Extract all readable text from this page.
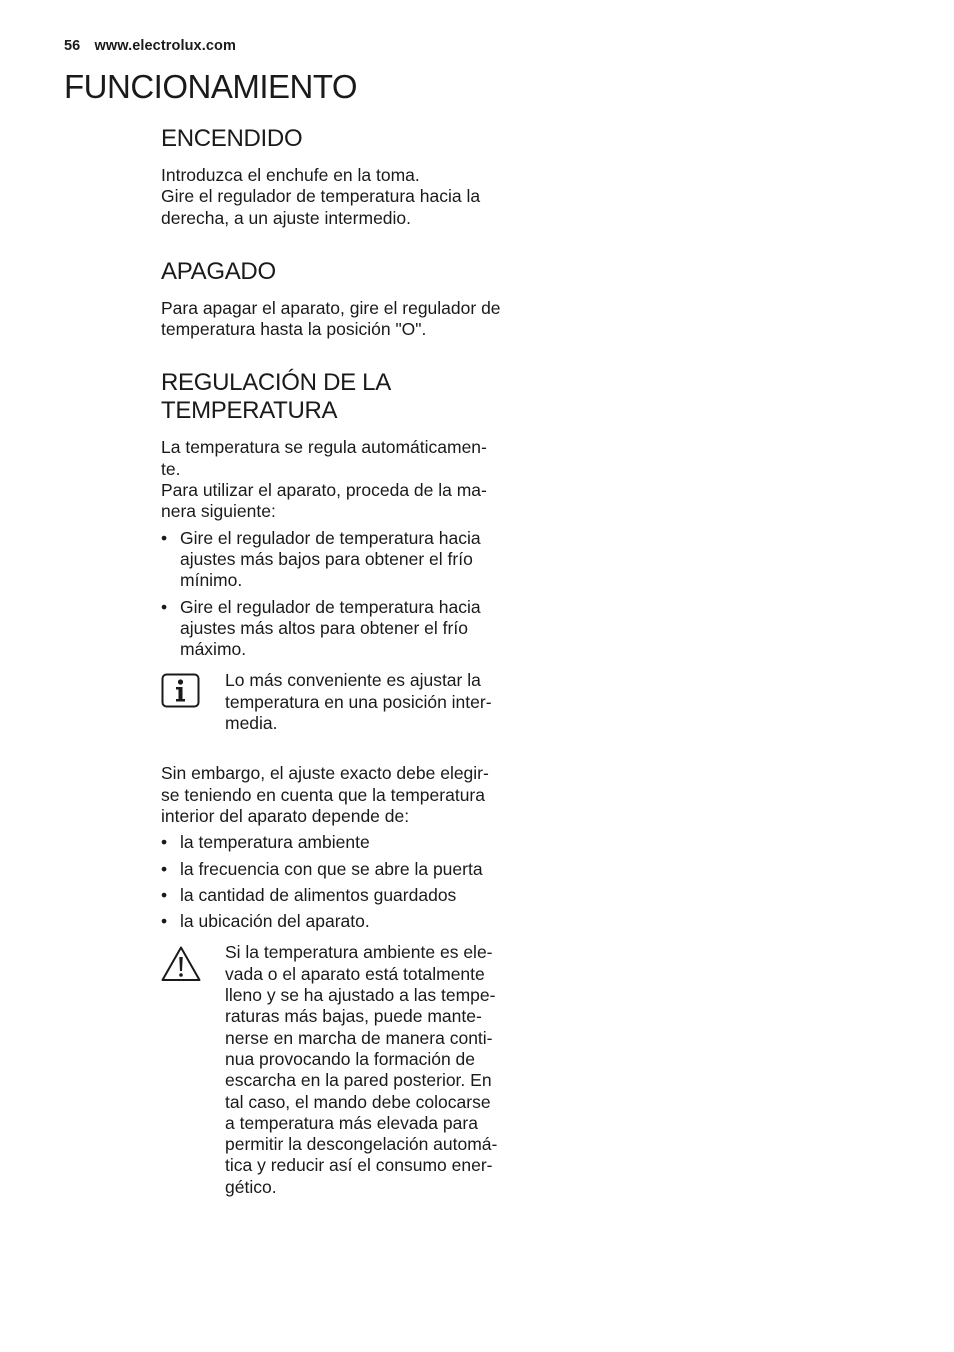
56 www.electrolux.com
FUNCIONAMIENTO
ENCENDIDO

Introduzca el enchufe en la toma.
Gire el regulador de temperatura hacia la
derecha, a un ajuste intermedio.

APAGADO

Para apagar el aparato, gire el regulador de
temperatura hasta la posición "O".

REGULACIÓN DE LA
TEMPERATURA

La temperatura se regula automáticamen-
te.
Para utilizar el aparato, proceda de la ma-
nera siguiente:

• Gire el regulador de temperatura hacia
ajustes más bajos para obtener el frío
mínimo.
• Gire el regulador de temperatura hacia
ajustes más altos para obtener el frío
máximo.
Lo más conveniente es ajustar la
temperatura en una posición inter-
media.

Sin embargo, el ajuste exacto debe elegir-
se teniendo en cuenta que la temperatura
interior del aparato depende de:

• la temperatura ambiente
• la frecuencia con que se abre la puerta
• la cantidad de alimentos guardados
• la ubicación del aparato.
Si la temperatura ambiente es ele-
vada o el aparato está totalmente
lleno y se ha ajustado a las tempe-
raturas más bajas, puede mante-
nerse en marcha de manera conti-
nua provocando la formación de
escarcha en la pared posterior. En
tal caso, el mando debe colocarse
a temperatura más elevada para
permitir la descongelación automá-
tica y reducir así el consumo ener-
gético.
